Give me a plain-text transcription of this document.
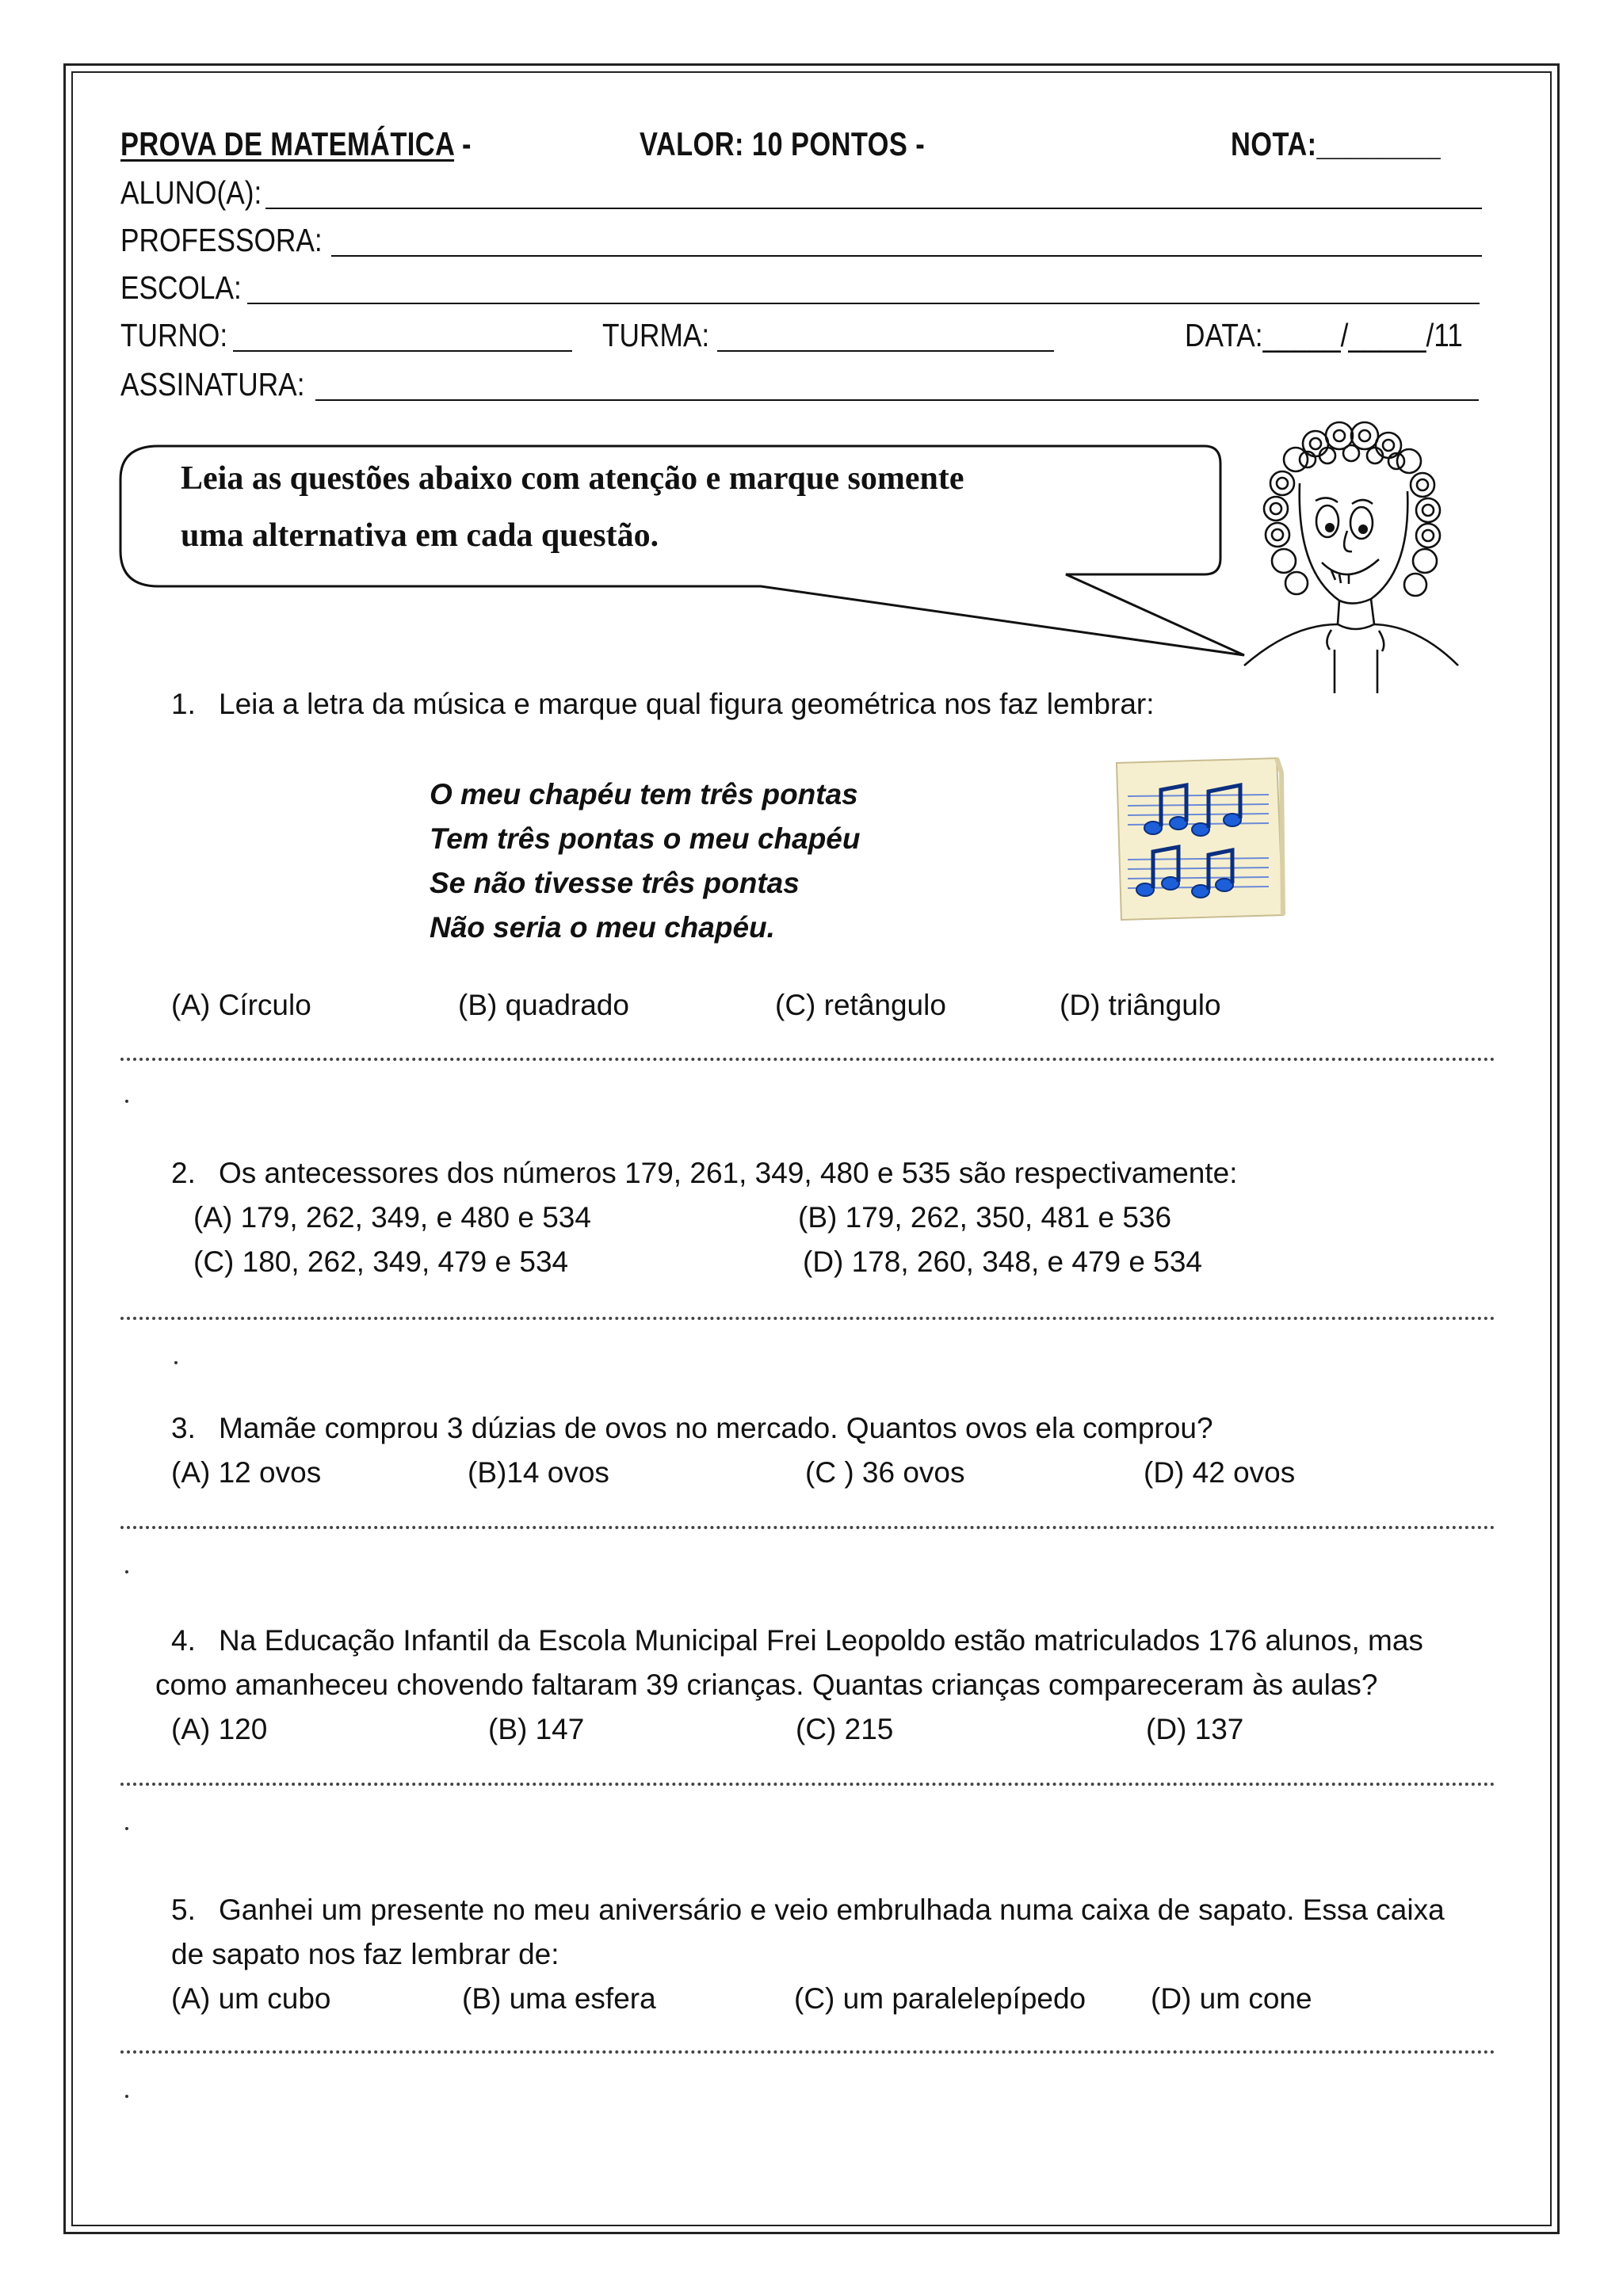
PROVA DE MATEMÁTICA -	VALOR: 10 PONTOS -	NOTA:________
ALUNO(A):
PROFESSORA:
ESCOLA:
TURNO:	TURMA:	DATA:_____/_____/11
ASSINATURA:
Leia as questões abaixo com atenção e marque somente
uma alternativa em cada questão.
1. Leia a letra da música e marque qual figura geométrica nos faz lembrar:
O meu chapéu tem três pontas
Tem três pontas o meu chapéu
Se não tivesse três pontas
Não seria o meu chapéu.
(A) Círculo	(B) quadrado	(C) retângulo	(D) triângulo
2. Os antecessores dos números 179, 261, 349, 480 e 535 são respectivamente:
(A) 179, 262, 349, e 480 e 534	(B) 179, 262, 350, 481 e 536
(C) 180, 262, 349, 479 e 534	(D) 178, 260, 348, e 479 e 534
3. Mamãe comprou 3 dúzias de ovos no mercado. Quantos ovos ela comprou?
(A) 12 ovos	(B)14 ovos	(C ) 36 ovos	(D) 42 ovos
4. Na Educação Infantil da Escola Municipal Frei Leopoldo estão matriculados 176 alunos, mas
como amanheceu chovendo faltaram 39 crianças. Quantas crianças compareceram às aulas?
(A) 120	(B) 147	(C) 215	(D) 137
5. Ganhei um presente no meu aniversário e veio embrulhada numa caixa de sapato. Essa caixa
de sapato nos faz lembrar de:
(A) um cubo	(B) uma esfera	(C) um paralelepípedo (D) um cone
